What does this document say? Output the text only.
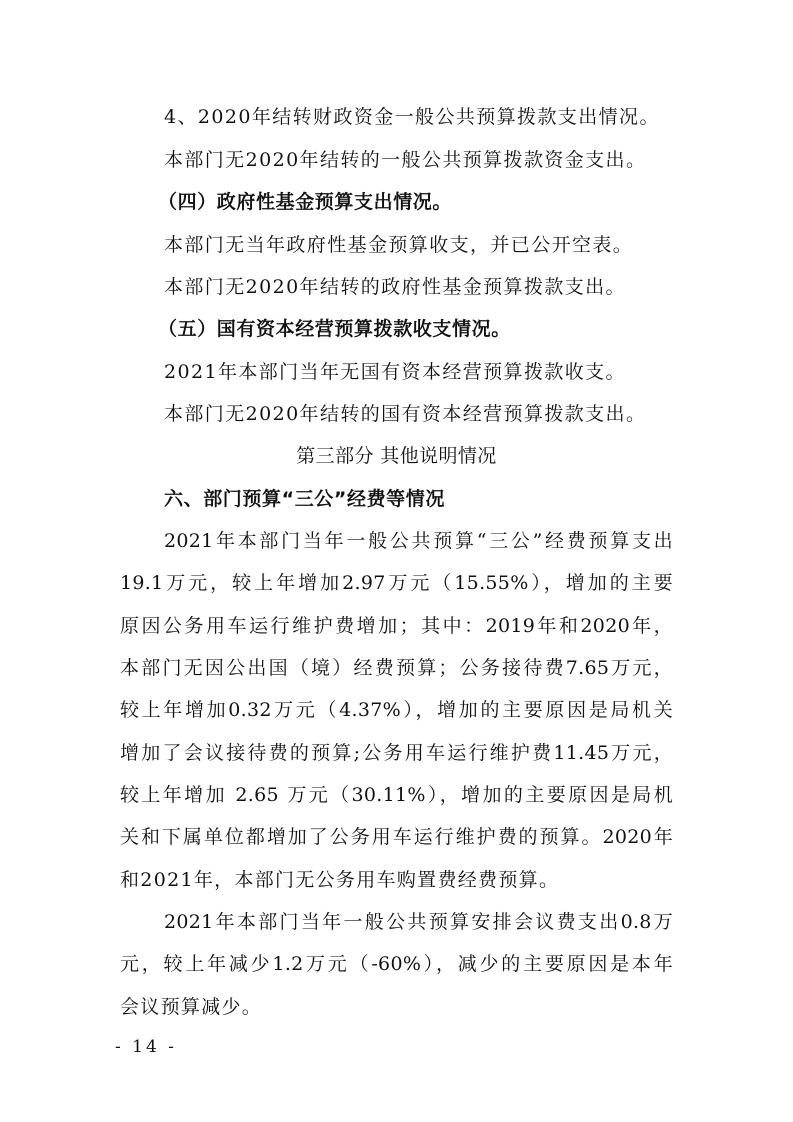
4、2020年结转财政资金一般公共预算拨款支出情况。
本部门无2020年结转的一般公共预算拨款资金支出。
（四）政府性基金预算支出情况。
本部门无当年政府性基金预算收支，并已公开空表。
本部门无2020年结转的政府性基金预算拨款支出。
（五）国有资本经营预算拨款收支情况。
2021年本部门当年无国有资本经营预算拨款收支。
本部门无2020年结转的国有资本经营预算拨款支出。
第三部分 其他说明情况
六、部门预算“三公”经费等情况
2021年本部门当年一般公共预算“三公”经费预算支出
19.1万元，较上年增加2.97万元（15.55%），增加的主要
原因公务用车运行维护费增加；其中：2019年和2020年，
本部门无因公出国（境）经费预算；公务接待费7.65万元，
较上年增加0.32万元（4.37%），增加的主要原因是局机关
增加了会议接待费的预算;公务用车运行维护费11.45万元，
较上年增加 2.65 万元（30.11%），增加的主要原因是局机
关和下属单位都增加了公务用车运行维护费的预算。2020年
和2021年，本部门无公务用车购置费经费预算。
2021年本部门当年一般公共预算安排会议费支出0.8万
元，较上年减少1.2万元（-60%），减少的主要原因是本年
会议预算减少。
- 14 -
